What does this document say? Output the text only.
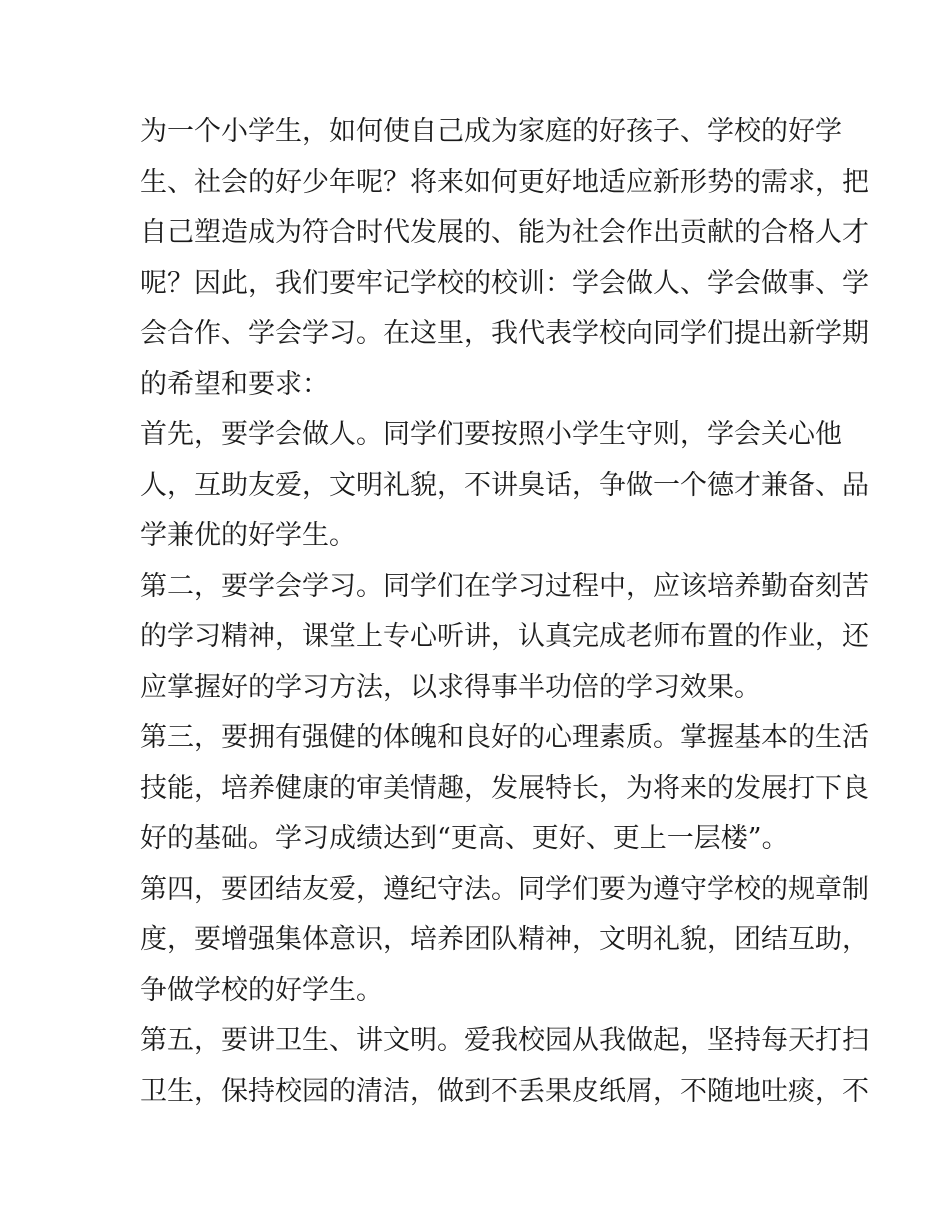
为一个小学生，如何使自己成为家庭的好孩子、学校的好学
生、社会的好少年呢？将来如何更好地适应新形势的需求，把
自己塑造成为符合时代发展的、能为社会作出贡献的合格人才
呢？因此，我们要牢记学校的校训：学会做人、学会做事、学
会合作、学会学习。在这里，我代表学校向同学们提出新学期
的希望和要求：
首先，要学会做人。同学们要按照小学生守则，学会关心他
人，互助友爱，文明礼貌，不讲臭话，争做一个德才兼备、品
学兼优的好学生。
第二，要学会学习。同学们在学习过程中，应该培养勤奋刻苦
的学习精神，课堂上专心听讲，认真完成老师布置的作业，还
应掌握好的学习方法，以求得事半功倍的学习效果。
第三，要拥有强健的体魄和良好的心理素质。掌握基本的生活
技能，培养健康的审美情趣，发展特长，为将来的发展打下良
好的基础。学习成绩达到“更高、更好、更上一层楼”。
第四，要团结友爱，遵纪守法。同学们要为遵守学校的规章制
度，要增强集体意识，培养团队精神，文明礼貌，团结互助，
争做学校的好学生。
第五，要讲卫生、讲文明。爱我校园从我做起，坚持每天打扫
卫生，保持校园的清洁，做到不丢果皮纸屑，不随地吐痰，不
